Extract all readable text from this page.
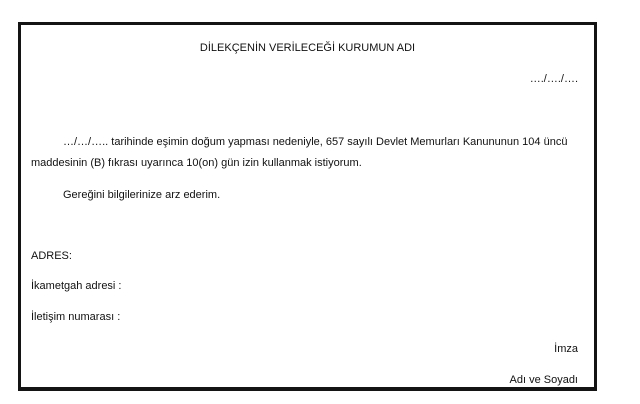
DİLEKÇENİN VERİLECEĞİ KURUMUN ADI
…./…./….
…/…/….. tarihinde eşimin doğum yapması nedeniyle, 657 sayılı Devlet Memurları Kanununun 104 üncü maddesinin (B) fıkrası uyarınca 10(on) gün izin kullanmak istiyorum.
Gereğini bilgilerinize arz ederim.
ADRES:
İkametgah adresi :
İletişim numarası :
İmza
Adı ve Soyadı
